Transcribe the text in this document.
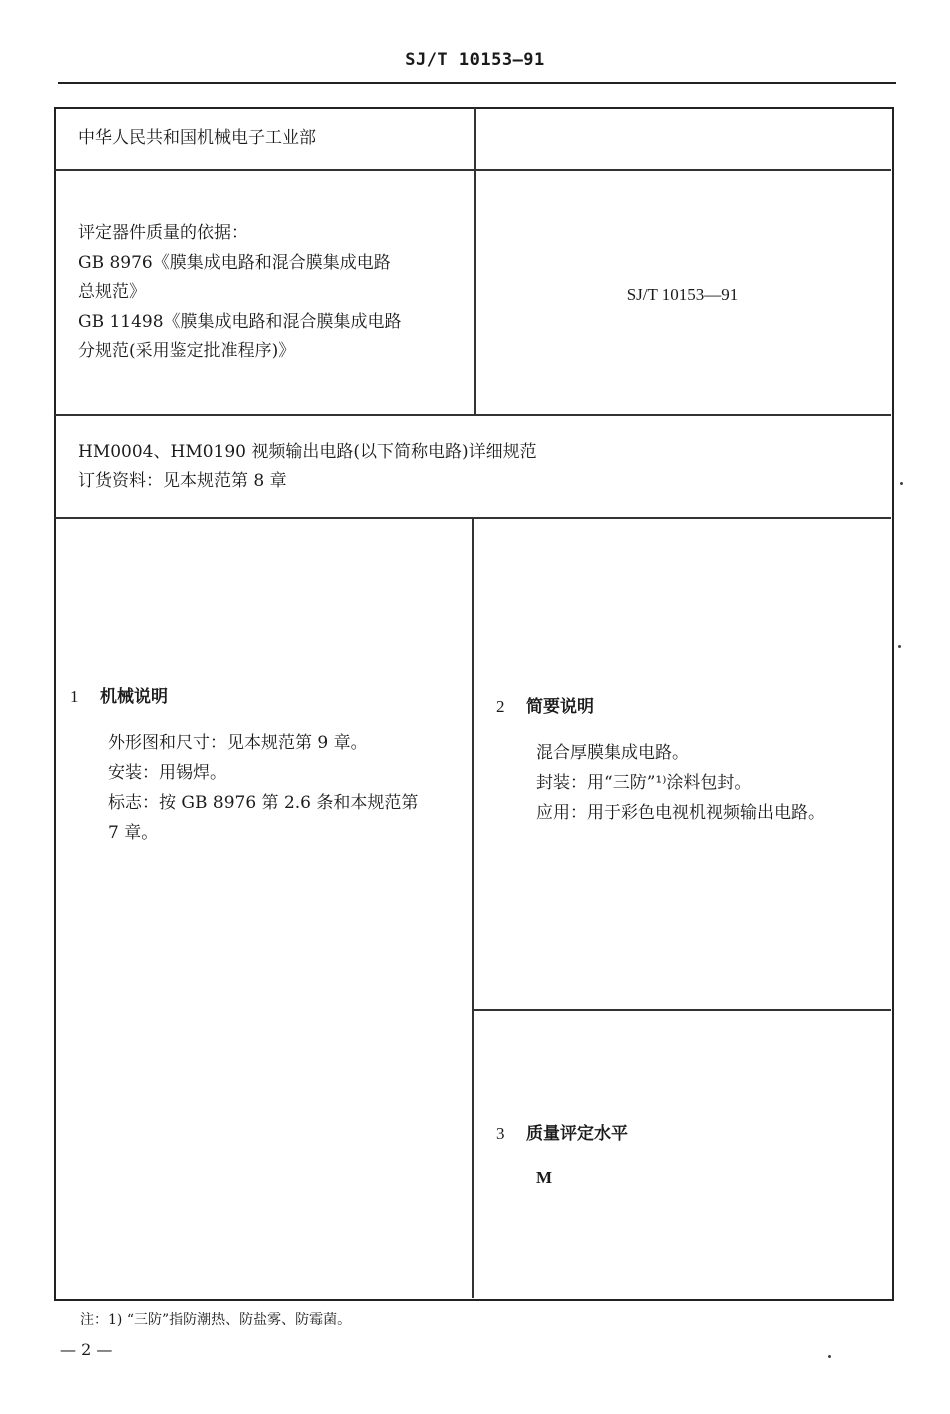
SJ/T 10153—91
中华人民共和国机械电子工业部
评定器件质量的依据：
GB 8976《膜集成电路和混合膜集成电路
总规范》
GB 11498《膜集成电路和混合膜集成电路
分规范(采用鉴定批准程序)》
SJ/T 10153—91
HM0004、HM0190 视频输出电路(以下简称电路)详细规范
订货资料：见本规范第 8 章
1 机械说明
外形图和尺寸：见本规范第 9 章。
安装：用锡焊。
标志：按 GB 8976 第 2.6 条和本规范第
7 章。
2 简要说明
混合厚膜集成电路。
封装：用“三防”¹⁾涂料包封。
应用：用于彩色电视机视频输出电路。
3 质量评定水平
M
注：1) “三防”指防潮热、防盐雾、防霉菌。
— 2 —
